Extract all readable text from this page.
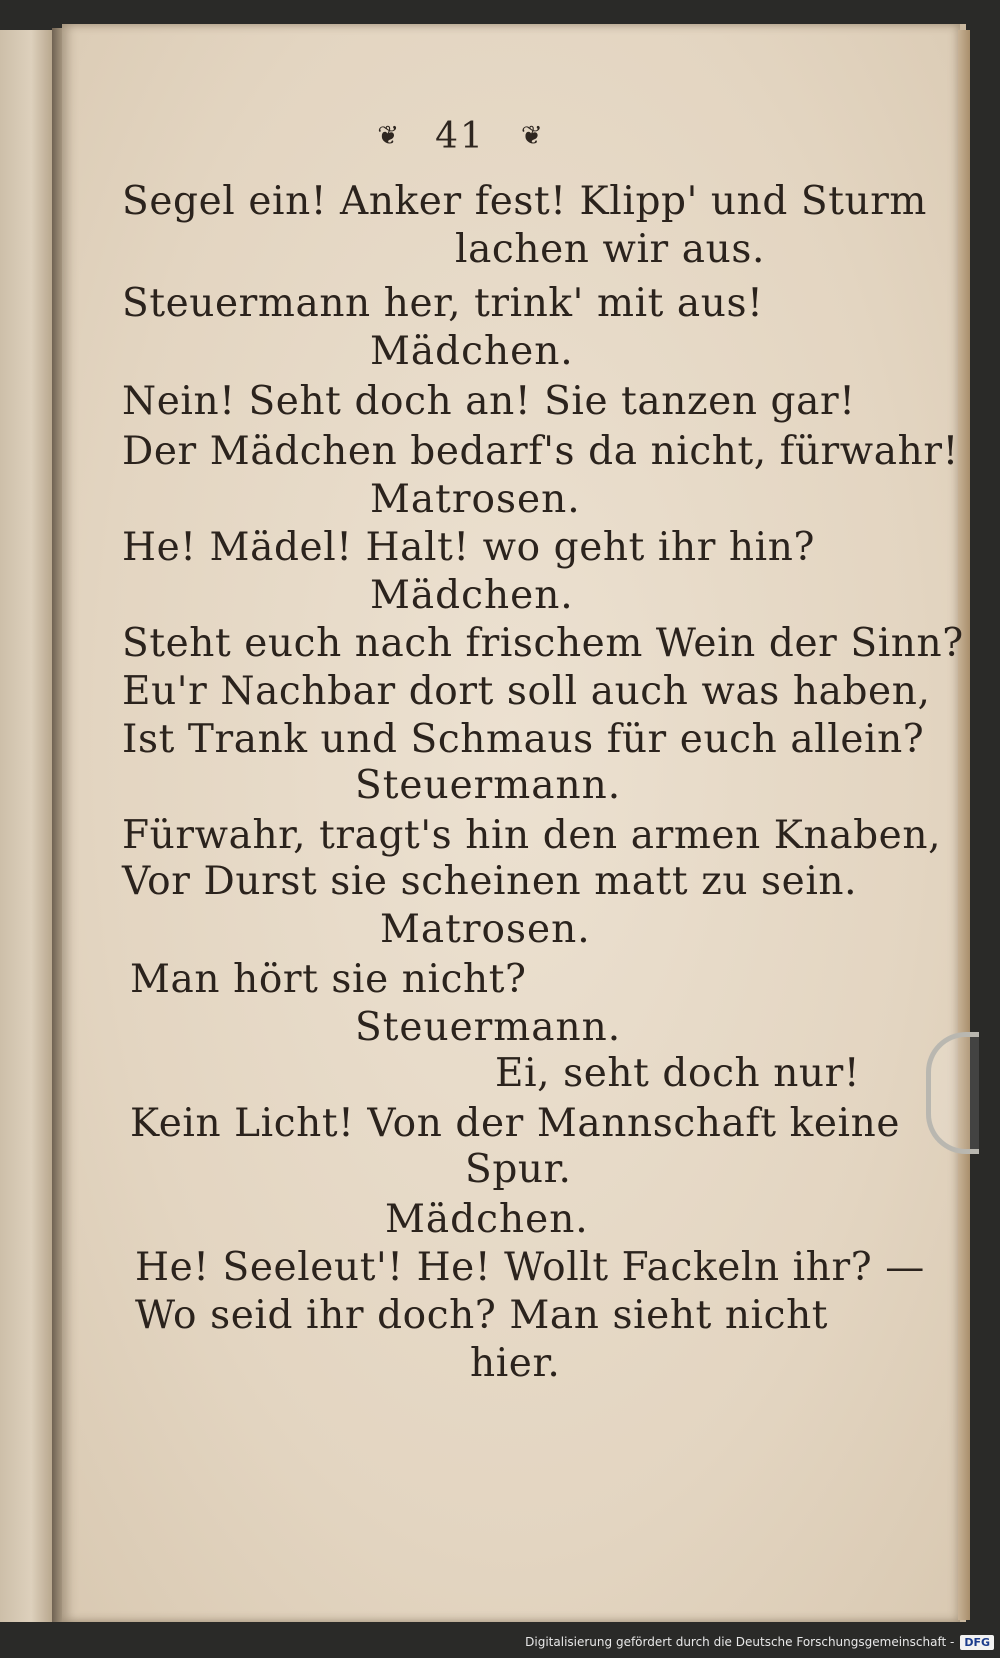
❦ 41 ❦
Segel ein! Anker fest! Klipp' und Sturm
lachen wir aus.
Steuermann her, trink' mit aus!
Mädchen.
Nein! Seht doch an! Sie tanzen gar!
Der Mädchen bedarf's da nicht, fürwahr!
Matrosen.
He! Mädel! Halt! wo geht ihr hin?
Mädchen.
Steht euch nach frischem Wein der Sinn?
Eu'r Nachbar dort soll auch was haben,
Ist Trank und Schmaus für euch allein?
Steuermann.
Fürwahr, tragt's hin den armen Knaben,
Vor Durst sie scheinen matt zu sein.
Matrosen.
Man hört sie nicht?
Steuermann.
Ei, seht doch nur!
Kein Licht! Von der Mannschaft keine
Spur.
Mädchen.
He! Seeleut'! He! Wollt Fackeln ihr? —
Wo seid ihr doch? Man sieht nicht
hier.
Digitalisierung gefördert durch die Deutsche Forschungsgemeinschaft - DFG
